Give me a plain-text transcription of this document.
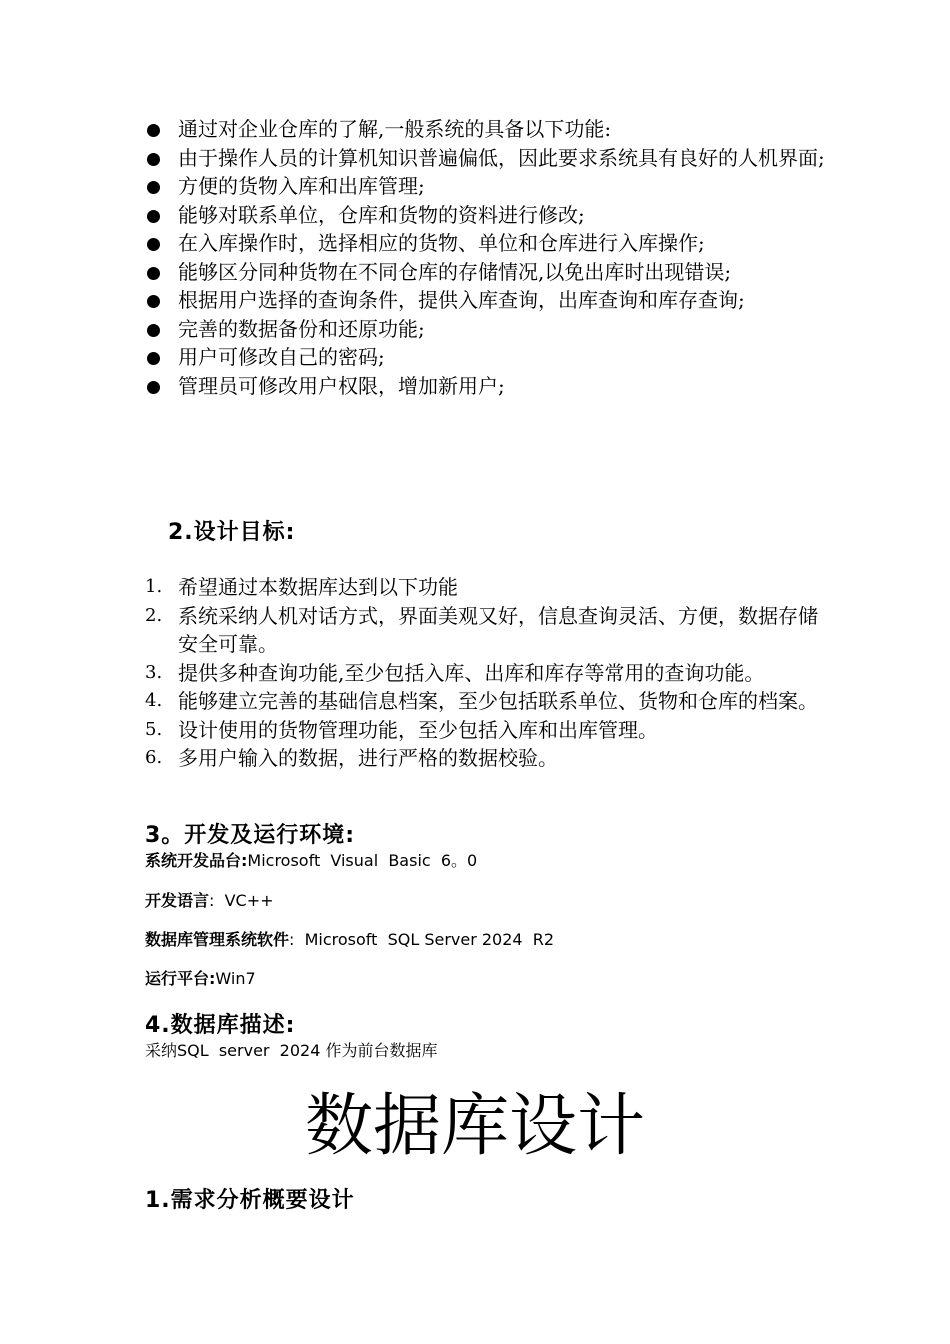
通过对企业仓库的了解,一般系统的具备以下功能:
由于操作人员的计算机知识普遍偏低，因此要求系统具有良好的人机界面;
方便的货物入库和出库管理;
能够对联系单位，仓库和货物的资料进行修改;
在入库操作时，选择相应的货物、单位和仓库进行入库操作;
能够区分同种货物在不同仓库的存储情况,以免出库时出现错误;
根据用户选择的查询条件，提供入库查询，出库查询和库存查询;
完善的数据备份和还原功能;
用户可修改自己的密码;
管理员可修改用户权限，增加新用户;
2.设计目标:
1. 希望通过本数据库达到以下功能
2. 系统采纳人机对话方式，界面美观又好，信息查询灵活、方便，数据存储安全可靠。
3. 提供多种查询功能,至少包括入库、出库和库存等常用的查询功能。
4. 能够建立完善的基础信息档案，至少包括联系单位、货物和仓库的档案。
5. 设计使用的货物管理功能，至少包括入库和出库管理。
6. 多用户输入的数据，进行严格的数据校验。
3。开发及运行环境:
系统开发品台:Microsoft  Visual  Basic  6。0
开发语言:  VC++
数据库管理系统软件:  Microsoft  SQL Server 2024  R2
运行平台:Win7
4.数据库描述:
采纳SQL  server  2024 作为前台数据库
数据库设计
1.需求分析概要设计
